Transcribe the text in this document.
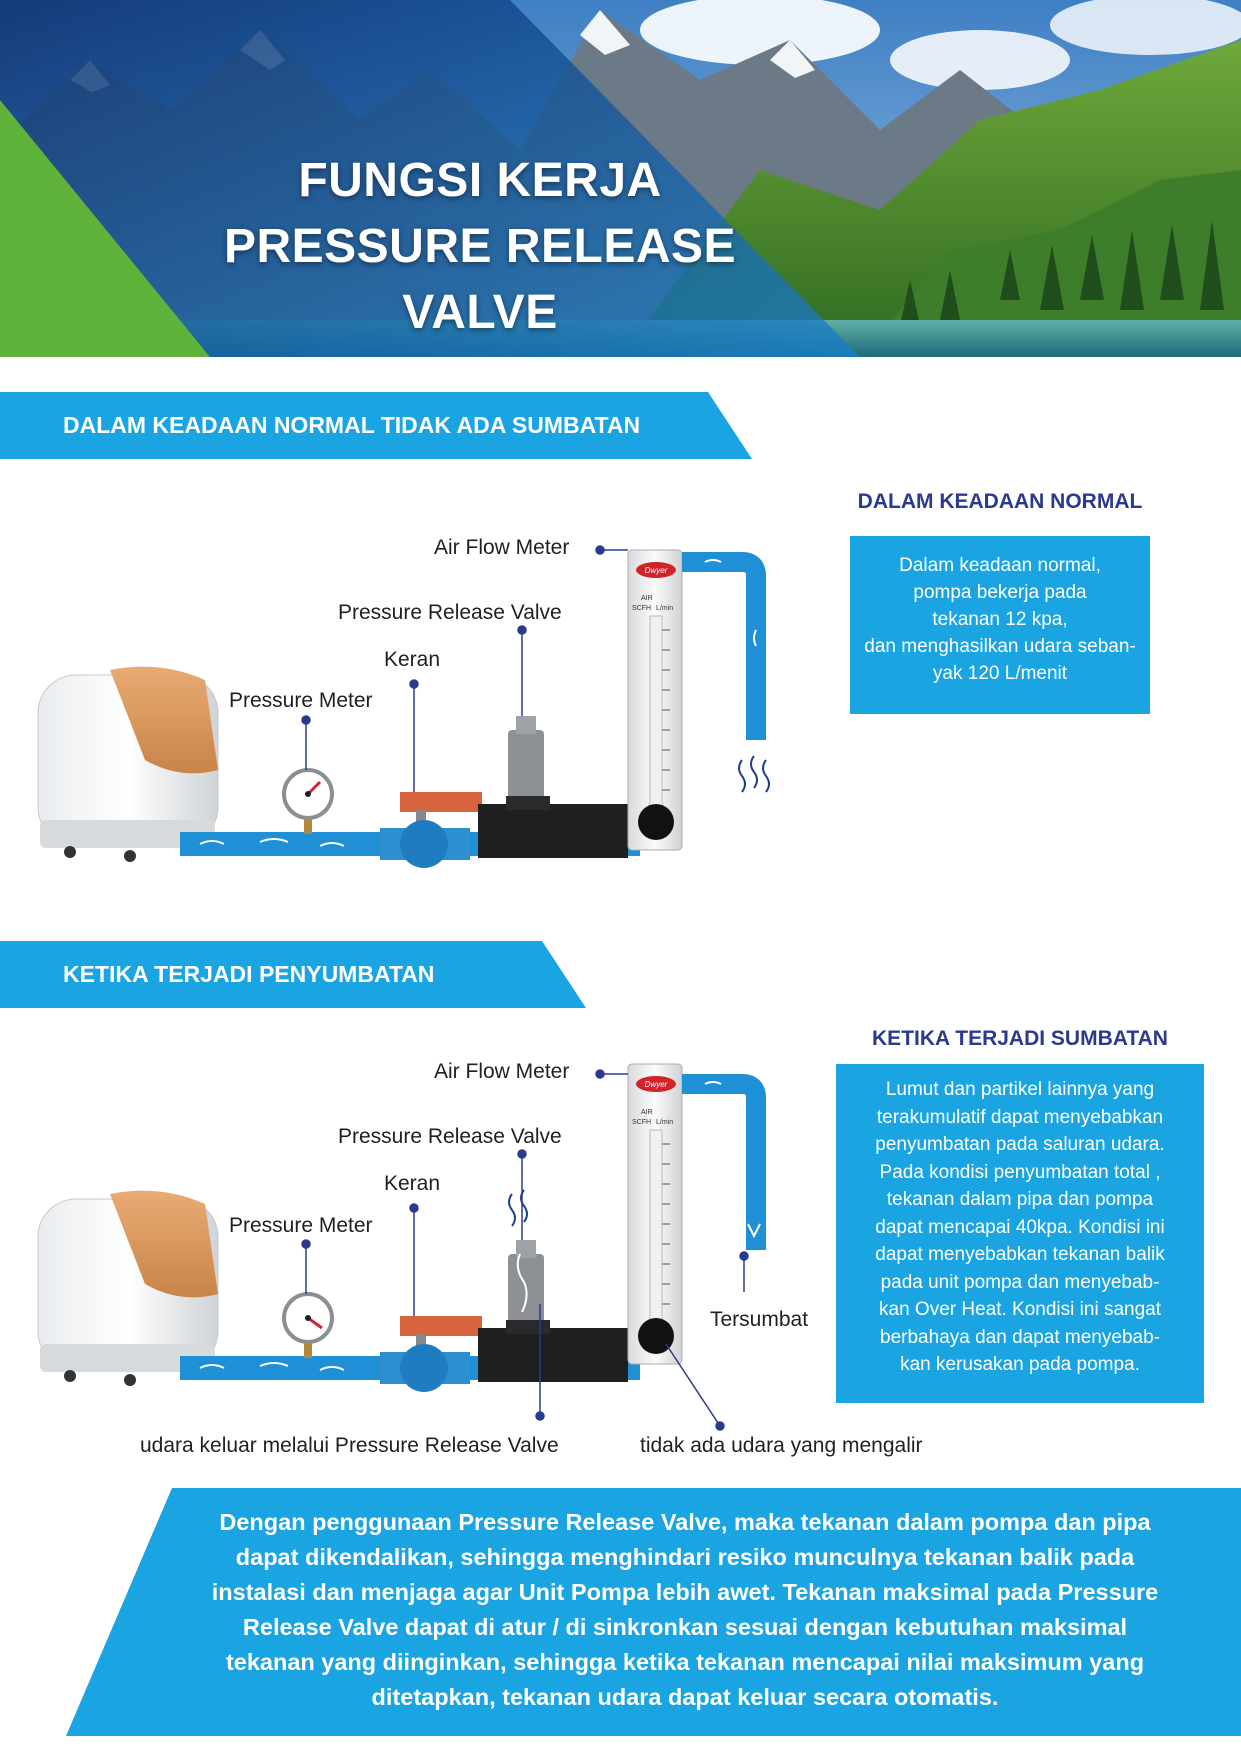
FUNGSI KERJA
PRESSURE RELEASE
VALVE
DALAM KEADAAN NORMAL TIDAK ADA SUMBATAN
Dwyer
AIR
SCFH L/min
Air Flow Meter
Pressure Release Valve
Keran
Pressure Meter
DALAM KEADAAN NORMAL
Dalam keadaan normal,
pompa bekerja pada
tekanan 12 kpa,
dan menghasilkan udara seban-
yak 120 L/menit
KETIKA TERJADI PENYUMBATAN
Dwyer
AIR
SCFH L/min
Air Flow Meter
Pressure Release Valve
Keran
Pressure Meter
Tersumbat
udara keluar melalui Pressure Release Valve	tidak ada udara yang mengalir
KETIKA TERJADI SUMBATAN
Lumut dan partikel lainnya yang
terakumulatif dapat menyebabkan
penyumbatan pada saluran udara.
Pada kondisi penyumbatan total ,
tekanan dalam pipa dan pompa
dapat mencapai 40kpa. Kondisi ini
dapat menyebabkan tekanan balik
pada unit pompa dan menyebab-
kan Over Heat. Kondisi ini sangat
berbahaya dan dapat menyebab-
kan kerusakan pada pompa.
Dengan penggunaan Pressure Release Valve, maka tekanan dalam pompa dan pipa
dapat dikendalikan, sehingga menghindari resiko munculnya tekanan balik pada
instalasi dan menjaga agar Unit Pompa lebih awet. Tekanan maksimal pada Pressure
Release Valve dapat di atur / di sinkronkan sesuai dengan kebutuhan maksimal
tekanan yang diinginkan, sehingga ketika tekanan mencapai nilai maksimum yang
ditetapkan, tekanan udara dapat keluar secara otomatis.
